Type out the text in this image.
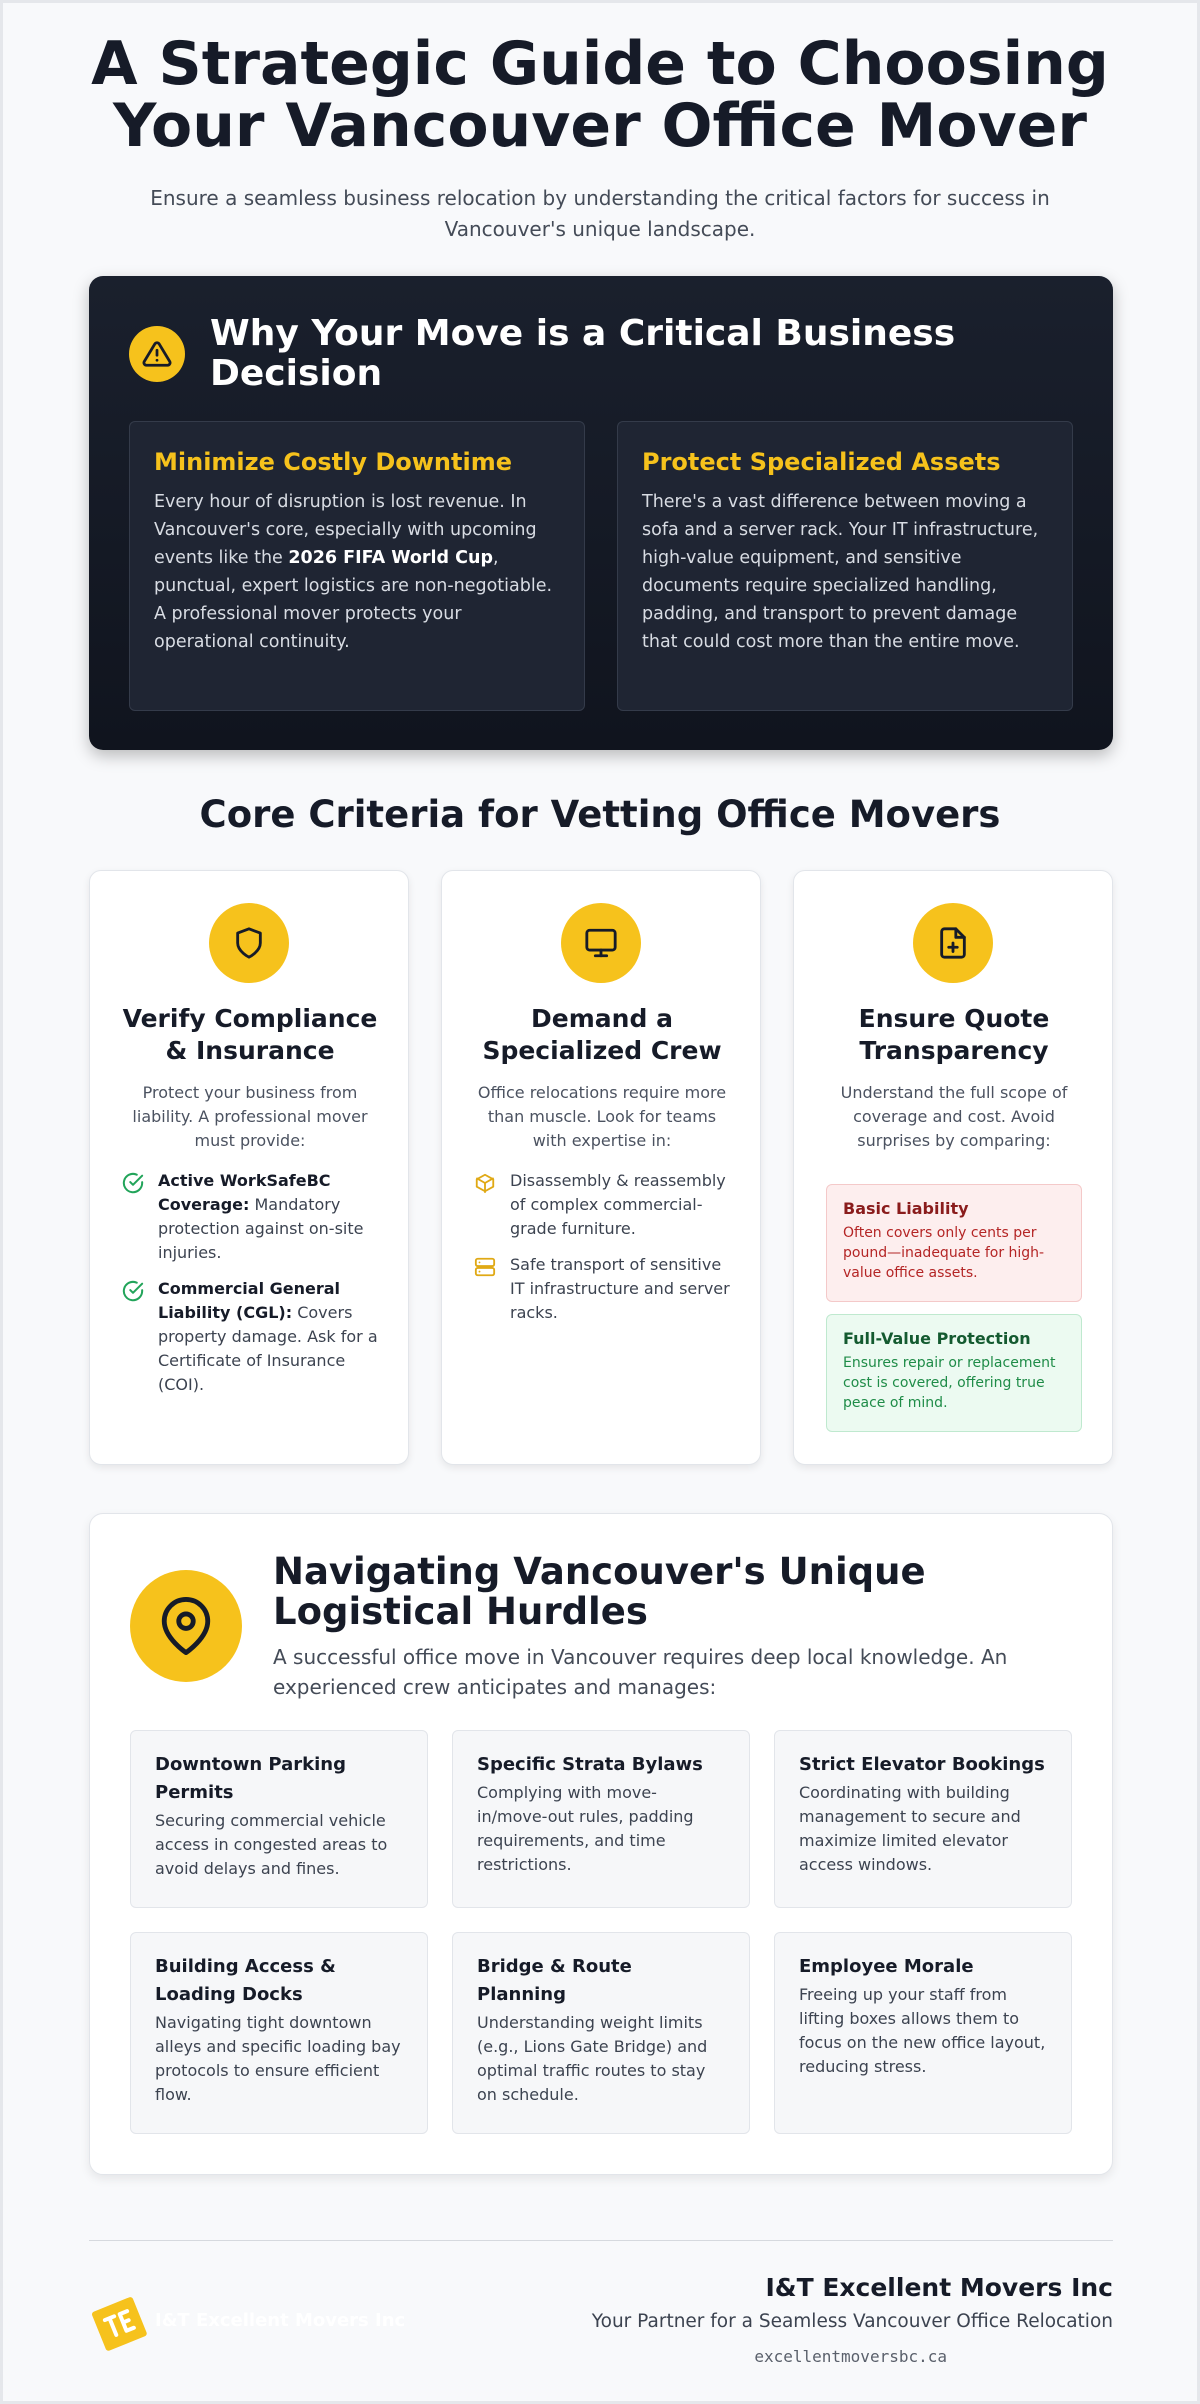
A Strategic Guide to Choosing
Your Vancouver Office Mover

Ensure a seamless business relocation by understanding the critical factors for success in Vancouver's unique landscape.

Why Your Move is a Critical Business Decision
Minimize Costly Downtime

Every hour of disruption is lost revenue. In Vancouver's core, especially with upcoming events like the 2026 FIFA World Cup, punctual, expert logistics are non-negotiable. A professional mover protects your operational continuity.

Protect Specialized Assets

There's a vast difference between moving a sofa and a server rack. Your IT infrastructure, high-value equipment, and sensitive documents require specialized handling, padding, and transport to prevent damage that could cost more than the entire move.

Core Criteria for Vetting Office Movers
Verify Compliance & Insurance

Protect your business from liability. A professional mover must provide:

Active WorkSafeBC Coverage: Mandatory protection against on-site injuries.
Commercial General Liability (CGL): Covers property damage. Ask for a Certificate of Insurance (COI).
Demand a Specialized Crew

Office relocations require more than muscle. Look for teams with expertise in:

Disassembly & reassembly of complex commercial-grade furniture.
Safe transport of sensitive IT infrastructure and server racks.
Ensure Quote Transparency

Understand the full scope of coverage and cost. Avoid surprises by comparing:

Basic Liability

Often covers only cents per pound—inadequate for high-value office assets.

Full-Value Protection

Ensures repair or replacement cost is covered, offering true peace of mind.

Navigating Vancouver's Unique Logistical Hurdles

A successful office move in Vancouver requires deep local knowledge. An experienced crew anticipates and manages:

Downtown Parking Permits

Securing commercial vehicle access in congested areas to avoid delays and fines.

Specific Strata Bylaws

Complying with move-in/move-out rules, padding requirements, and time restrictions.

Strict Elevator Bookings

Coordinating with building management to secure and maximize limited elevator access windows.

Building Access & Loading Docks

Navigating tight downtown alleys and specific loading bay protocols to ensure efficient flow.

Bridge & Route Planning

Understanding weight limits (e.g., Lions Gate Bridge) and optimal traffic routes to stay on schedule.

Employee Morale

Freeing up your staff from lifting boxes allows them to focus on the new office layout, reducing stress.

I&T Excellent Movers Inc
I&T Excellent Movers Inc
Your Partner for a Seamless Vancouver Office Relocation
excellentmoversbc.ca
